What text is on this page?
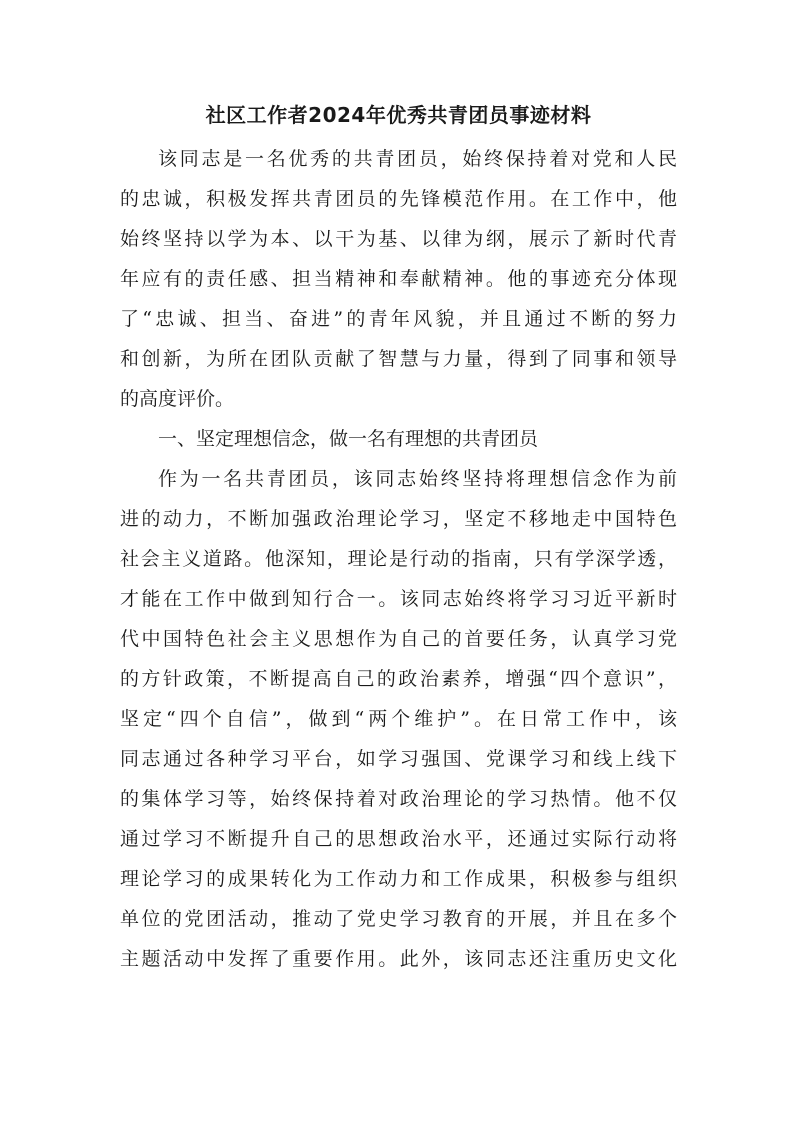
社区工作者2024年优秀共青团员事迹材料

该同志是一名优秀的共青团员，始终保持着对党和人民

的忠诚，积极发挥共青团员的先锋模范作用。在工作中，他

始终坚持以学为本、以干为基、以律为纲，展示了新时代青

年应有的责任感、担当精神和奉献精神。他的事迹充分体现

了“忠诚、担当、奋进”的青年风貌，并且通过不断的努力

和创新，为所在团队贡献了智慧与力量，得到了同事和领导

的高度评价。

一、坚定理想信念，做一名有理想的共青团员

作为一名共青团员，该同志始终坚持将理想信念作为前

进的动力，不断加强政治理论学习，坚定不移地走中国特色

社会主义道路。他深知，理论是行动的指南，只有学深学透，

才能在工作中做到知行合一。该同志始终将学习习近平新时

代中国特色社会主义思想作为自己的首要任务，认真学习党

的方针政策，不断提高自己的政治素养，增强“四个意识”，

坚定“四个自信”，做到“两个维护”。在日常工作中，该

同志通过各种学习平台，如学习强国、党课学习和线上线下

的集体学习等，始终保持着对政治理论的学习热情。他不仅

通过学习不断提升自己的思想政治水平，还通过实际行动将

理论学习的成果转化为工作动力和工作成果，积极参与组织

单位的党团活动，推动了党史学习教育的开展，并且在多个

主题活动中发挥了重要作用。此外，该同志还注重历史文化
